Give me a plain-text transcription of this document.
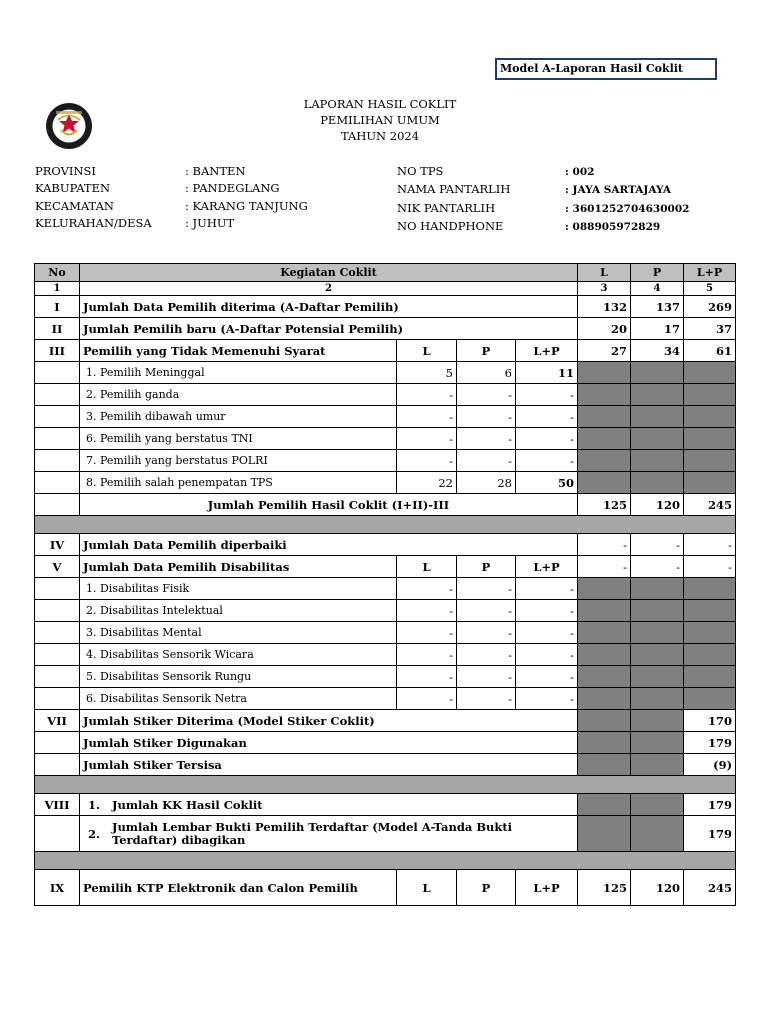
Model A-Laporan Hasil Coklit
LAPORAN HASIL COKLIT
PEMILIHAN UMUM
TAHUN 2024
PROVINSI	: BANTEN
KABUPATEN	: PANDEGLANG
KECAMATAN	: KARANG TANJUNG
KELURAHAN/DESA	: JUHUT
NO TPS	: 002
NAMA PANTARLIH	: JAYA SARTAJAYA
NIK PANTARLIH	: 3601252704630002
NO HANDPHONE	: 088905972829
No	Kegiatan Coklit				L	P	L+P
1	2				3	4	5
I	Jumlah Data Pemilih diterima (A-Daftar Pemilih)				132	137	269
II	Jumlah Pemilih baru (A-Daftar Potensial Pemilih)				20	17	37
III	Pemilih yang Tidak Memenuhi Syarat	L	P	L+P	27	34	61
	1. Pemilih Meninggal	5	6	11			
	2. Pemilih ganda	-	-	-			
	3. Pemilih dibawah umur	-	-	-			
	6. Pemilih yang berstatus TNI	-	-	-			
	7. Pemilih yang berstatus POLRI	-	-	-			
	8. Pemilih salah penempatan TPS	22	28	50			
	Jumlah Pemilih Hasil Coklit (I+II)-III				125	120	245

IV	Jumlah Data Pemilih diperbaiki				-	-	-
V	Jumlah Data Pemilih Disabilitas	L	P	L+P	-	-	-
	1. Disabilitas Fisik	-	-	-			
	2. Disabilitas Intelektual	-	-	-			
	3. Disabilitas Mental	-	-	-			
	4. Disabilitas Sensorik Wicara	-	-	-			
	5. Disabilitas Sensorik Rungu	-	-	-			
	6. Disabilitas Sensorik Netra	-	-	-			
VII	Jumlah Stiker Diterima (Model Stiker Coklit)						170
	Jumlah Stiker Digunakan						179
	Jumlah Stiker Tersisa						(9)

VIII	1. Jumlah KK Hasil Coklit						179

	2. Jumlah Lembar Bukti Pemilih Terdaftar (Model A-Tanda Bukti Terdaftar) dibagikan						179

IX	Pemilih KTP Elektronik dan Calon Pemilih	L	P	L+P	125	120	245
